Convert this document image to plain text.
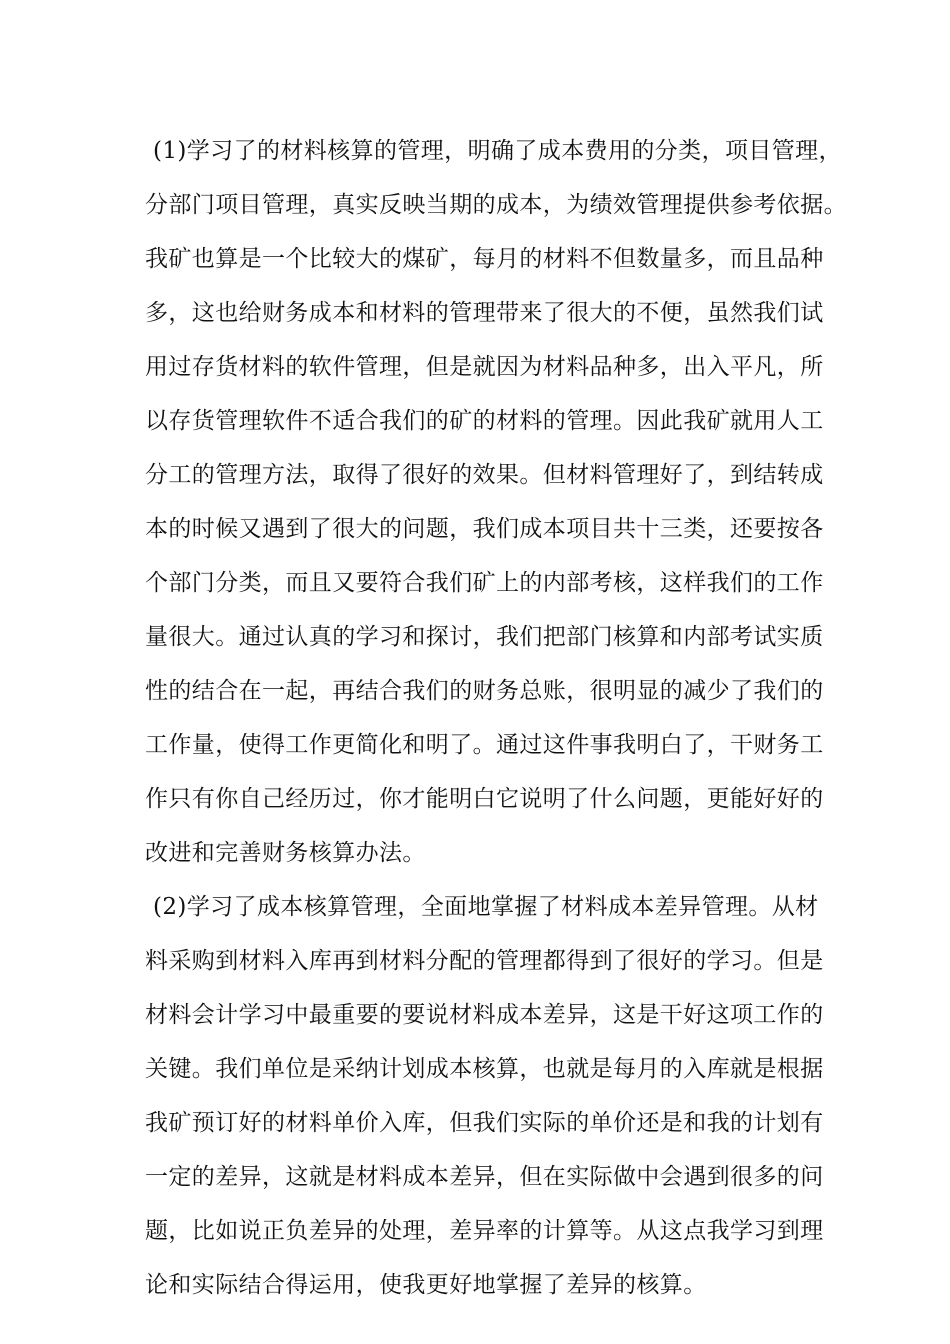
(1)学习了的材料核算的管理，明确了成本费用的分类，项目管理，
分部门项目管理，真实反映当期的成本，为绩效管理提供参考依据。
我矿也算是一个比较大的煤矿，每月的材料不但数量多，而且品种
多，这也给财务成本和材料的管理带来了很大的不便，虽然我们试
用过存货材料的软件管理，但是就因为材料品种多，出入平凡，所
以存货管理软件不适合我们的矿的材料的管理。因此我矿就用人工
分工的管理方法，取得了很好的效果。但材料管理好了，到结转成
本的时候又遇到了很大的问题，我们成本项目共十三类，还要按各
个部门分类，而且又要符合我们矿上的内部考核，这样我们的工作
量很大。通过认真的学习和探讨，我们把部门核算和内部考试实质
性的结合在一起，再结合我们的财务总账，很明显的减少了我们的
工作量，使得工作更简化和明了。通过这件事我明白了，干财务工
作只有你自己经历过，你才能明白它说明了什么问题，更能好好的
改进和完善财务核算办法。
(2)学习了成本核算管理，全面地掌握了材料成本差异管理。从材
料采购到材料入库再到材料分配的管理都得到了很好的学习。但是
材料会计学习中最重要的要说材料成本差异，这是干好这项工作的
关键。我们单位是采纳计划成本核算，也就是每月的入库就是根据
我矿预订好的材料单价入库，但我们实际的单价还是和我的计划有
一定的差异，这就是材料成本差异，但在实际做中会遇到很多的问
题，比如说正负差异的处理，差异率的计算等。从这点我学习到理
论和实际结合得运用，使我更好地掌握了差异的核算。
